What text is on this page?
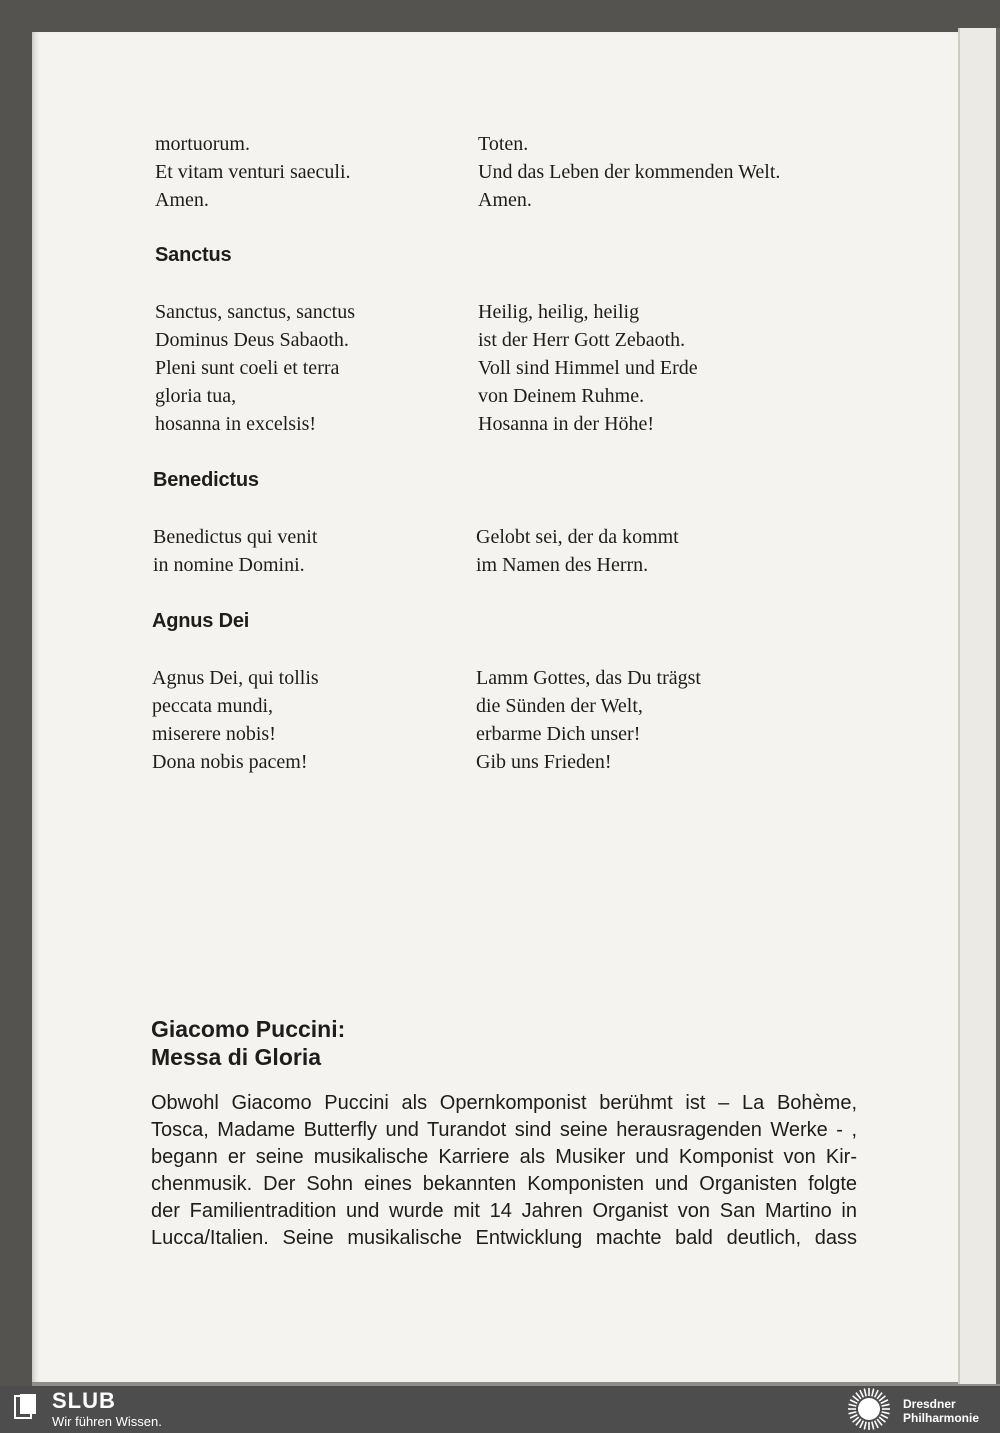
mortuorum.
Et vitam venturi saeculi.
Amen.
Toten.
Und das Leben der kommenden Welt.
Amen.
Sanctus
Sanctus, sanctus, sanctus
Dominus Deus Sabaoth.
Pleni sunt coeli et terra
gloria tua,
hosanna in excelsis!
Heilig, heilig, heilig
ist der Herr Gott Zebaoth.
Voll sind Himmel und Erde
von Deinem Ruhme.
Hosanna in der Höhe!
Benedictus
Benedictus qui venit
in nomine Domini.
Gelobt sei, der da kommt
im Namen des Herrn.
Agnus Dei
Agnus Dei, qui tollis
peccata mundi,
miserere nobis!
Dona nobis pacem!
Lamm Gottes, das Du trägst
die Sünden der Welt,
erbarme Dich unser!
Gib uns Frieden!
Giacomo Puccini:
Messa di Gloria
Obwohl Giacomo Puccini als Opernkomponist berühmt ist – La Bohème,
Tosca, Madame Butterfly und Turandot sind seine herausragenden Werke - ,
begann er seine musikalische Karriere als Musiker und Komponist von Kir-
chenmusik. Der Sohn eines bekannten Komponisten und Organisten folgte
der Familientradition und wurde mit 14 Jahren Organist von San Martino in
Lucca/Italien. Seine musikalische Entwicklung machte bald deutlich, dass
SLUB
Wir führen Wissen.
Dresdner
Philharmonie
